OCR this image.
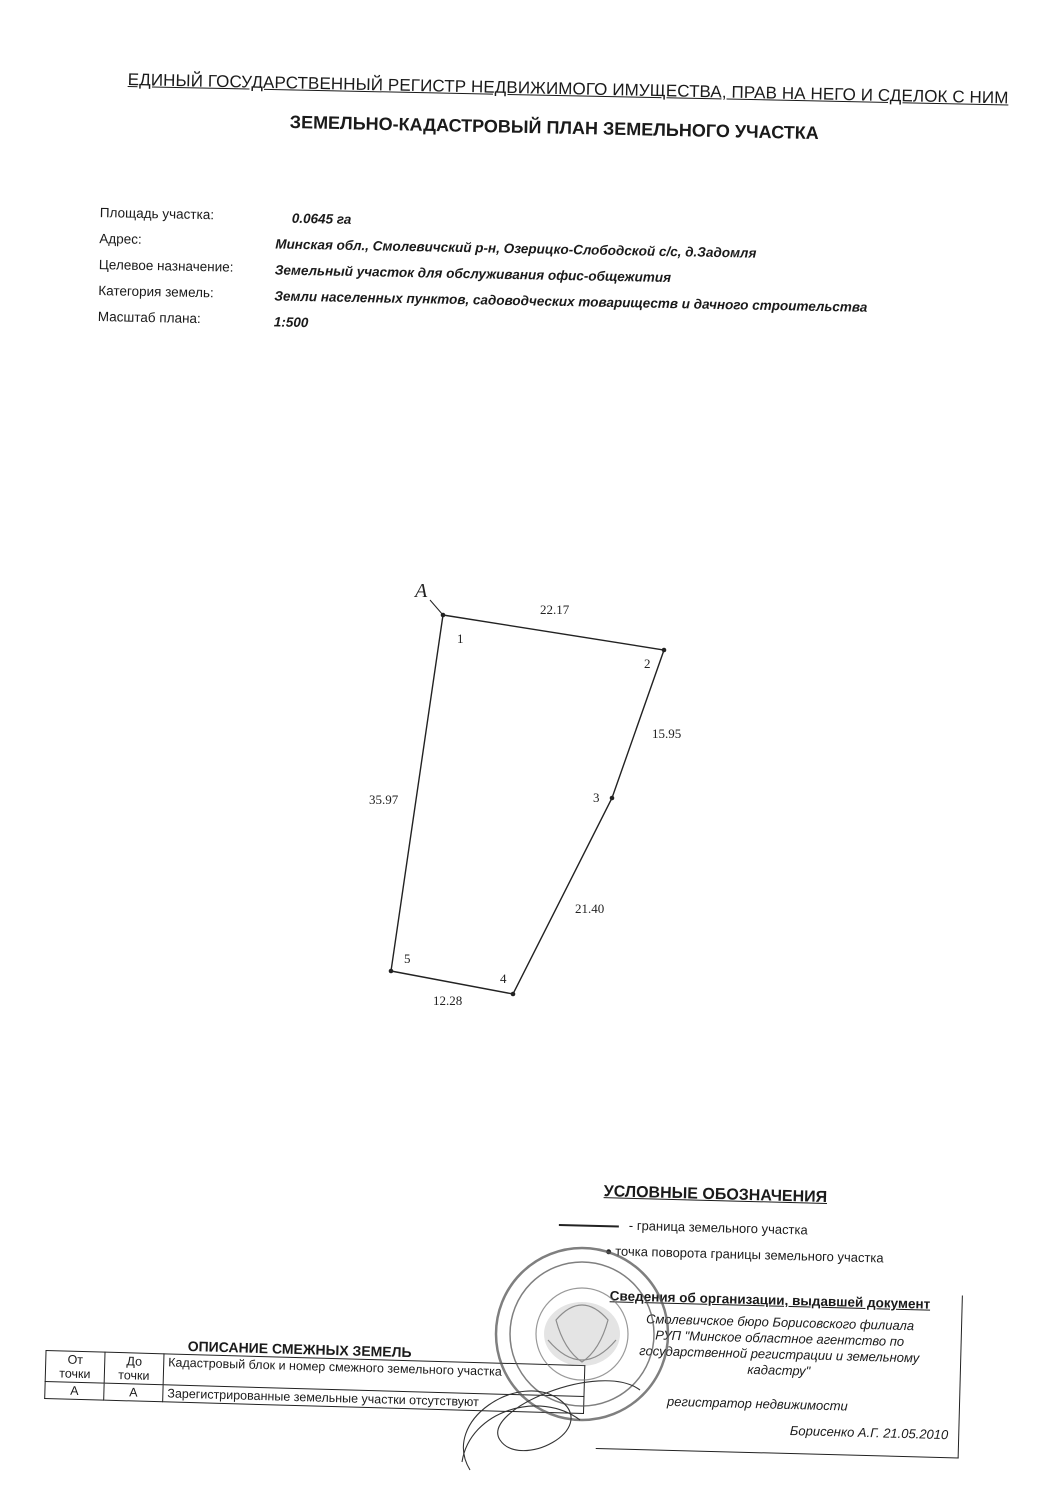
ЕДИНЫЙ ГОСУДАРСТВЕННЫЙ РЕГИСТР НЕДВИЖИМОГО ИМУЩЕСТВА, ПРАВ НА НЕГО И СДЕЛОК С НИМ
ЗЕМЕЛЬНО-КАДАСТРОВЫЙ ПЛАН ЗЕМЕЛЬНОГО УЧАСТКА
Площадь участка:	0.0645 га
Адрес:	Минская обл., Смолевичский р-н, Озерицко-Слободской с/с, д.Задомля
Целевое назначение:	Земельный участок для обслуживания офис-общежития
Категория земель:	Земли населенных пунктов, садоводческих товариществ и дачного строительства
Масштаб плана:	1:500
A
1
2
3
4
5
22.17
15.95
21.40
12.28
35.97
УСЛОВНЫЕ ОБОЗНАЧЕНИЯ
- граница земельного участка
точка поворота границы земельного участка
Сведения об организации, выдавшей документ
Смолевичское бюро Борисовского филиала
РУП "Минское областное агентство по
государственной регистрации и земельному
кадастру"
регистратор недвижимости
Борисенко А.Г. 21.05.2010
ОПИСАНИЕ СМЕЖНЫХ ЗЕМЕЛЬ
От точки	До точки	Кадастровый блок и номер смежного земельного участка
А	А	Зарегистрированные земельные участки отсутствуют
